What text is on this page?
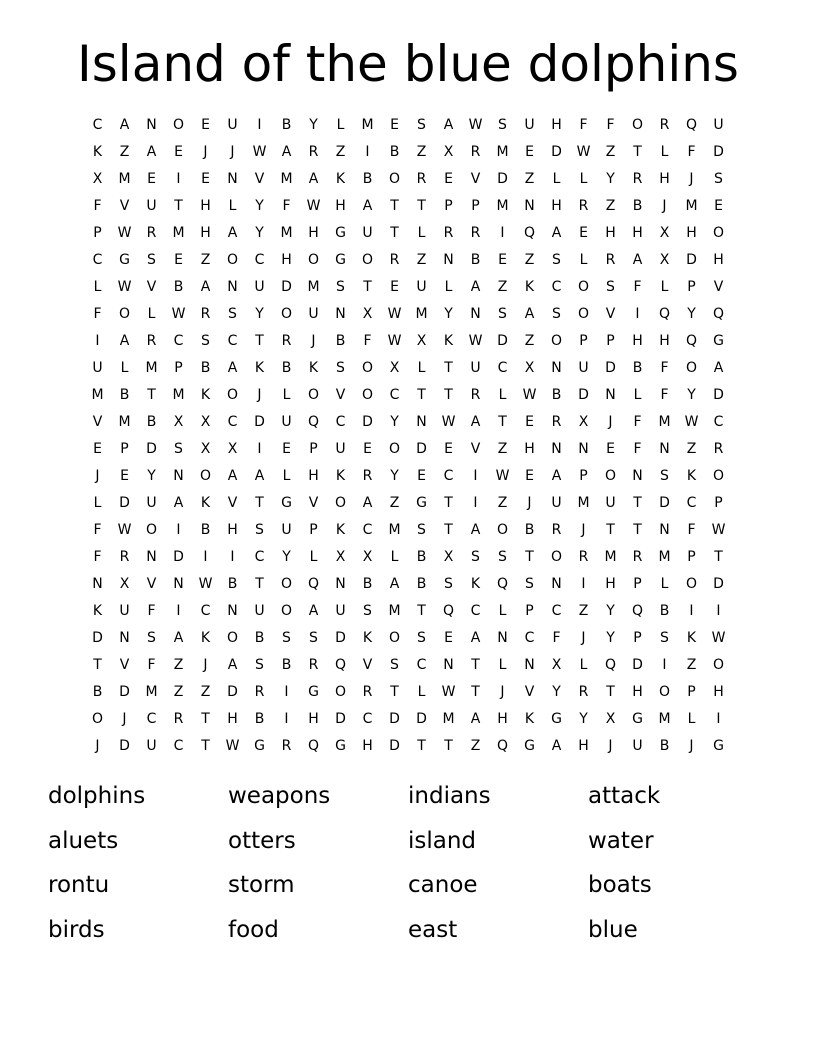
Island of the blue dolphins
C	A	N	O	E	U	I	B	Y	L	M	E	S	A	W	S	U	H	F	F	O	R	Q	U
K	Z	A	E	J	J	W	A	R	Z	I	B	Z	X	R	M	E	D	W	Z	T	L	F	D
X	M	E	I	E	N	V	M	A	K	B	O	R	E	V	D	Z	L	L	Y	R	H	J	S
F	V	U	T	H	L	Y	F	W	H	A	T	T	P	P	M	N	H	R	Z	B	J	M	E
P	W	R	M	H	A	Y	M	H	G	U	T	L	R	R	I	Q	A	E	H	H	X	H	O
C	G	S	E	Z	O	C	H	O	G	O	R	Z	N	B	E	Z	S	L	R	A	X	D	H
L	W	V	B	A	N	U	D	M	S	T	E	U	L	A	Z	K	C	O	S	F	L	P	V
F	O	L	W	R	S	Y	O	U	N	X	W	M	Y	N	S	A	S	O	V	I	Q	Y	Q
I	A	R	C	S	C	T	R	J	B	F	W	X	K	W	D	Z	O	P	P	H	H	Q	G
U	L	M	P	B	A	K	B	K	S	O	X	L	T	U	C	X	N	U	D	B	F	O	A
M	B	T	M	K	O	J	L	O	V	O	C	T	T	R	L	W	B	D	N	L	F	Y	D
V	M	B	X	X	C	D	U	Q	C	D	Y	N	W	A	T	E	R	X	J	F	M	W	C
E	P	D	S	X	X	I	E	P	U	E	O	D	E	V	Z	H	N	N	E	F	N	Z	R
J	E	Y	N	O	A	A	L	H	K	R	Y	E	C	I	W	E	A	P	O	N	S	K	O
L	D	U	A	K	V	T	G	V	O	A	Z	G	T	I	Z	J	U	M	U	T	D	C	P
F	W	O	I	B	H	S	U	P	K	C	M	S	T	A	O	B	R	J	T	T	N	F	W
F	R	N	D	I	I	C	Y	L	X	X	L	B	X	S	S	T	O	R	M	R	M	P	T
N	X	V	N	W	B	T	O	Q	N	B	A	B	S	K	Q	S	N	I	H	P	L	O	D
K	U	F	I	C	N	U	O	A	U	S	M	T	Q	C	L	P	C	Z	Y	Q	B	I	I
D	N	S	A	K	O	B	S	S	D	K	O	S	E	A	N	C	F	J	Y	P	S	K	W
T	V	F	Z	J	A	S	B	R	Q	V	S	C	N	T	L	N	X	L	Q	D	I	Z	O
B	D	M	Z	Z	D	R	I	G	O	R	T	L	W	T	J	V	Y	R	T	H	O	P	H
O	J	C	R	T	H	B	I	H	D	C	D	D	M	A	H	K	G	Y	X	G	M	L	I
J	D	U	C	T	W	G	R	Q	G	H	D	T	T	Z	Q	G	A	H	J	U	B	J	G
dolphins	weapons	indians	attack
aluets	otters	island	water
rontu	storm	canoe	boats
birds	food	east	blue
